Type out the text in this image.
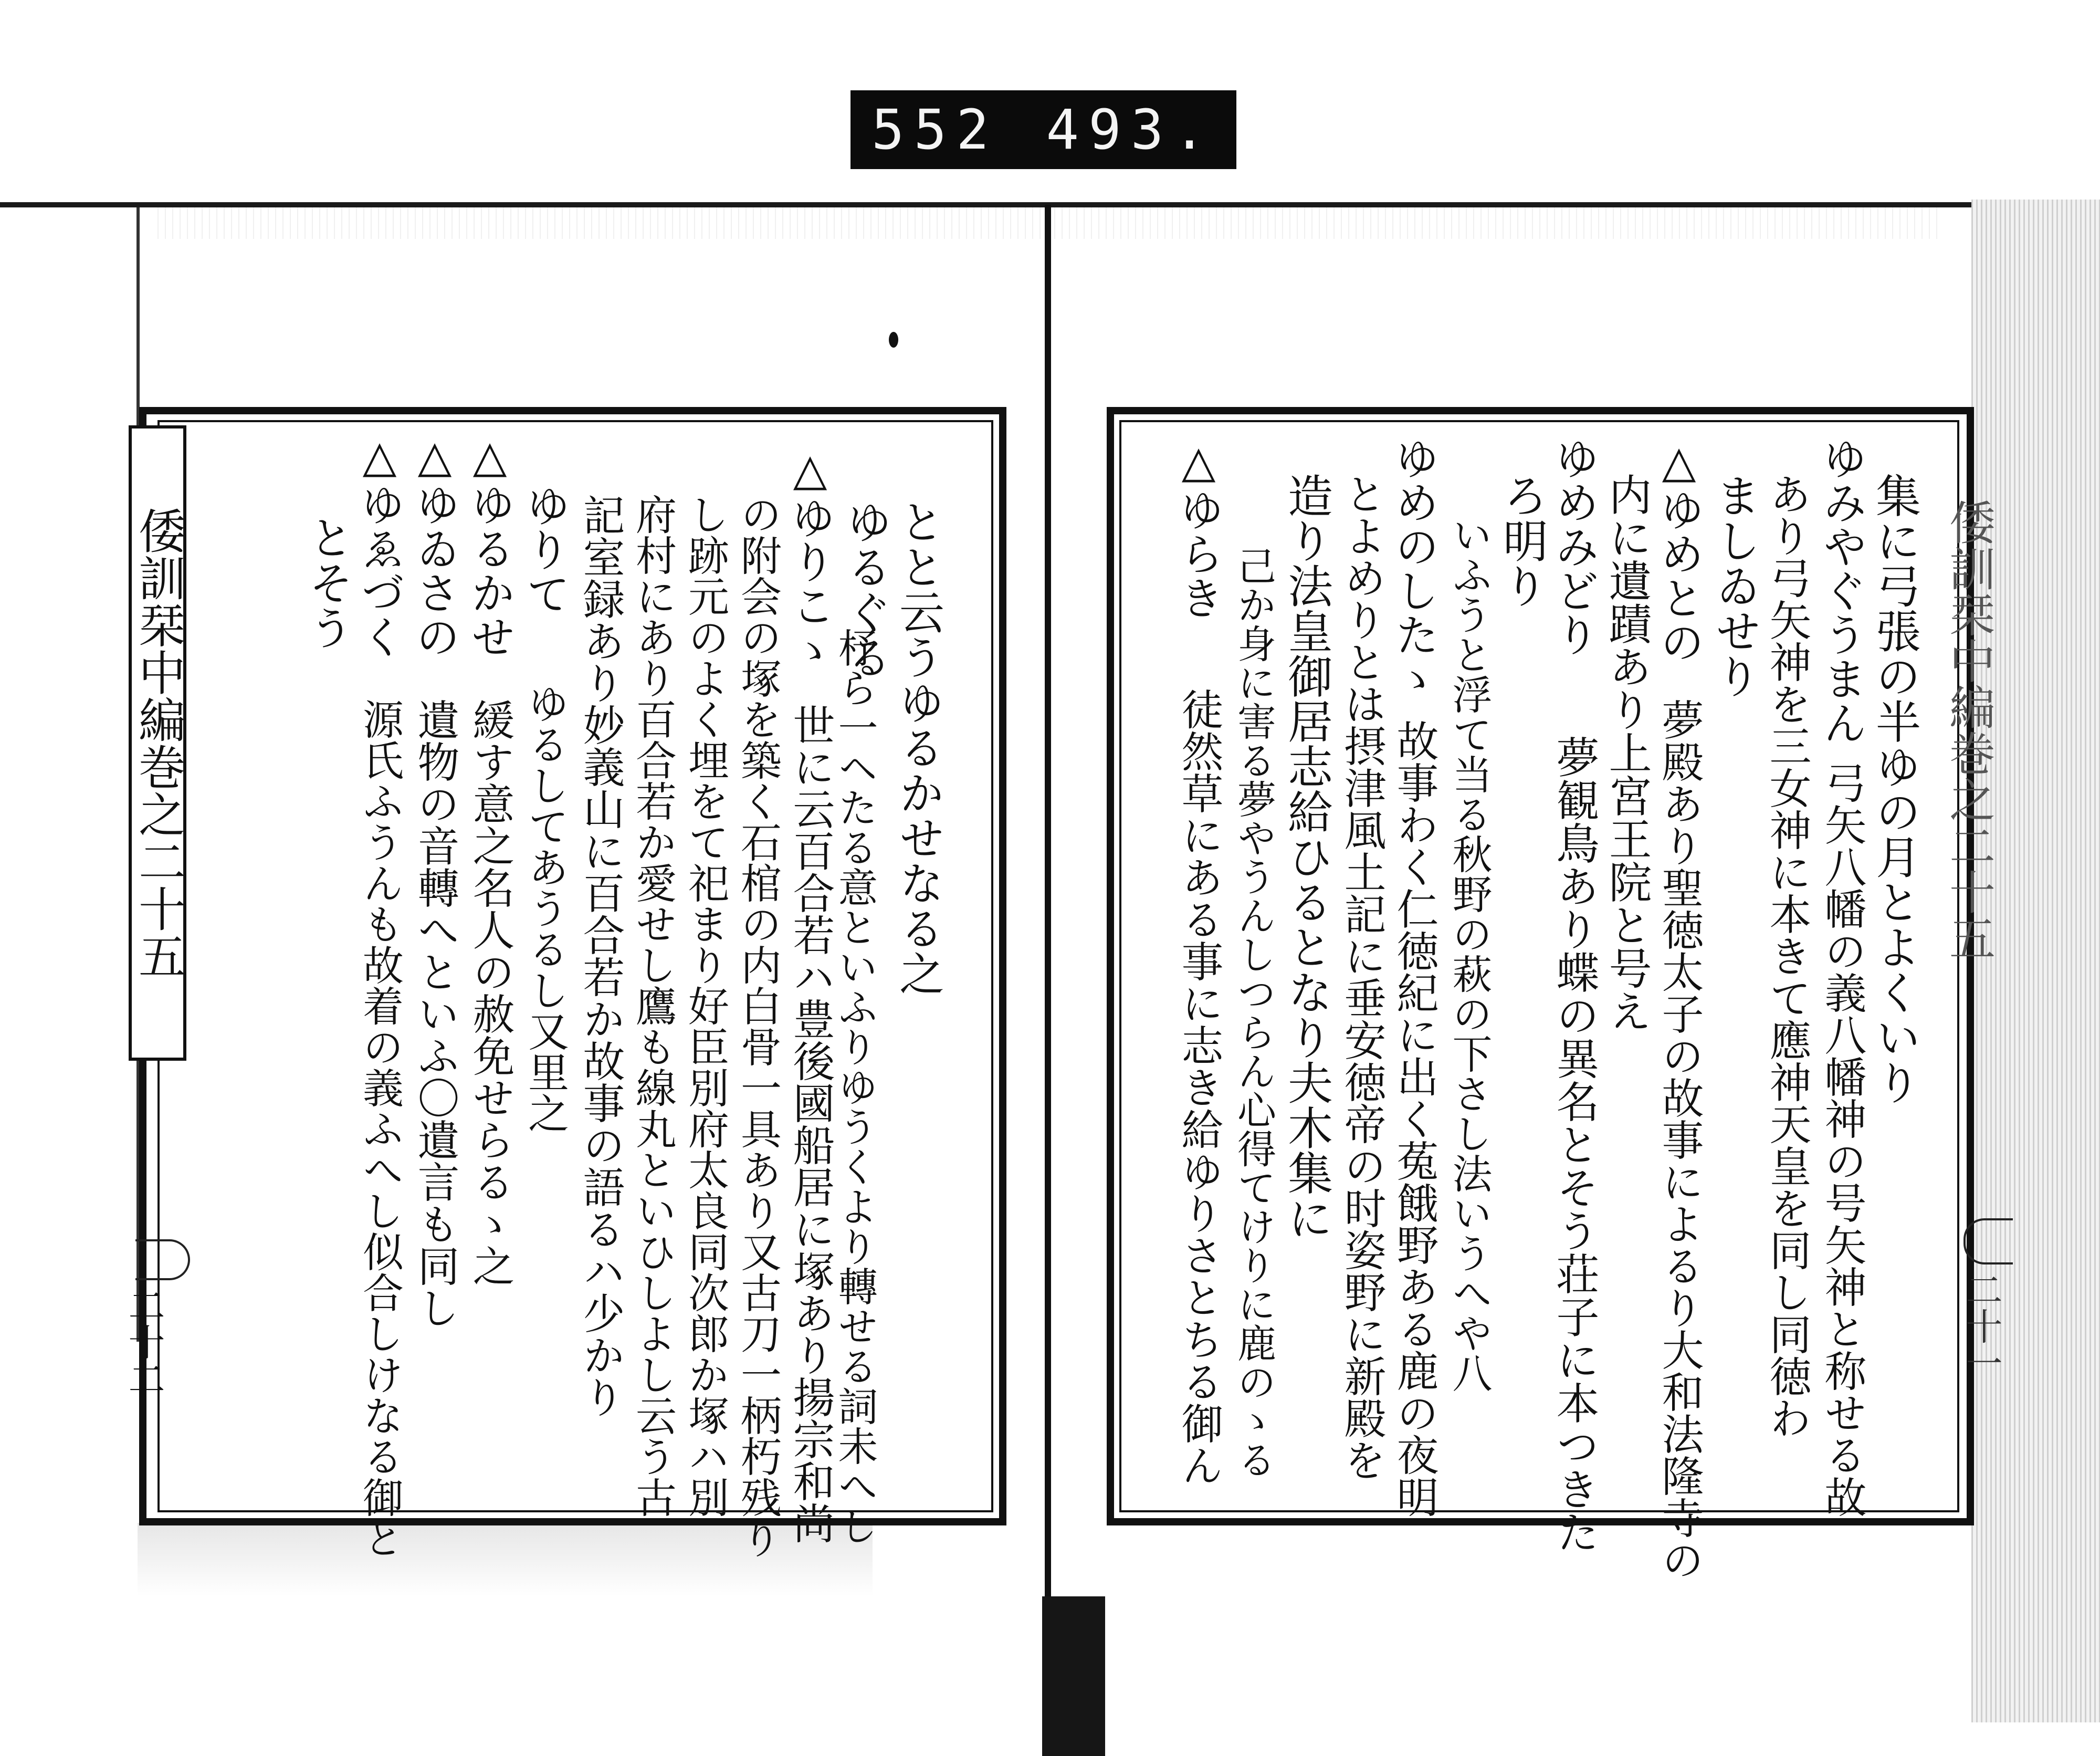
552 493.
倭訓栞中編巻之二十五
二十二
とと云うゆるかせなる之
ゆるぐる
杼ら一ヘたる意といふりゆうくより轉せる詞未へし
△ゆりこゝ
世に云百合若ハ豊後國船居に塚あり揚宗和尚
の附会の塚を築く石棺の内白骨一具あり又古刀一柄朽残り
し跡元のよく埋をて祀まり好臣別府太良同次郎か塚ハ別
府村にあり百合若か愛せし鷹も線丸といひしよし云う古
記室録あり妙義山に百合若か故事の語るハ少かり
ゆりて
ゆるしてあうるし又里之
△ゆるかせ
緩す意之名人の赦免せらるゝ之
△ゆゐさの
遺物の音轉へといふ〇遺言も同し
△ゆゑづく
源氏ふうんも故着の義ふへし似合しけなる御と
とそう	倭訓栞中編巻之二十五
二十一
集に弓張の半ゆの月とよくいり
ゆみやぐうまん
弓矢八幡の義八幡神の号矢神と称せる故
あり弓矢神を三女神に本きて應神天皇を同し同徳わ
ましゐせり
△ゆめとの
夢殿あり聖徳太子の故事によるり大和法隆寺の
内に遺蹟あり上宮王院と号え
ゆめみどり
夢観鳥あり蝶の異名とそう荘子に本つきた
ろ明り
いふうと浮て当る秋野の萩の下さし法いうへや八
ゆめのしたゝ
故事わく仁徳紀に出く菟餓野ある鹿の夜明
とよめりとは摂津風土記に垂安徳帝の时姿野に新殿を
造り法皇御居志給ひるとなり夫木集に
己か身に害る夢やうんしつらん心得てけりに鹿のゝる
△ゆらき
徒然草にある事に志き給ゆりさとちる御ん
